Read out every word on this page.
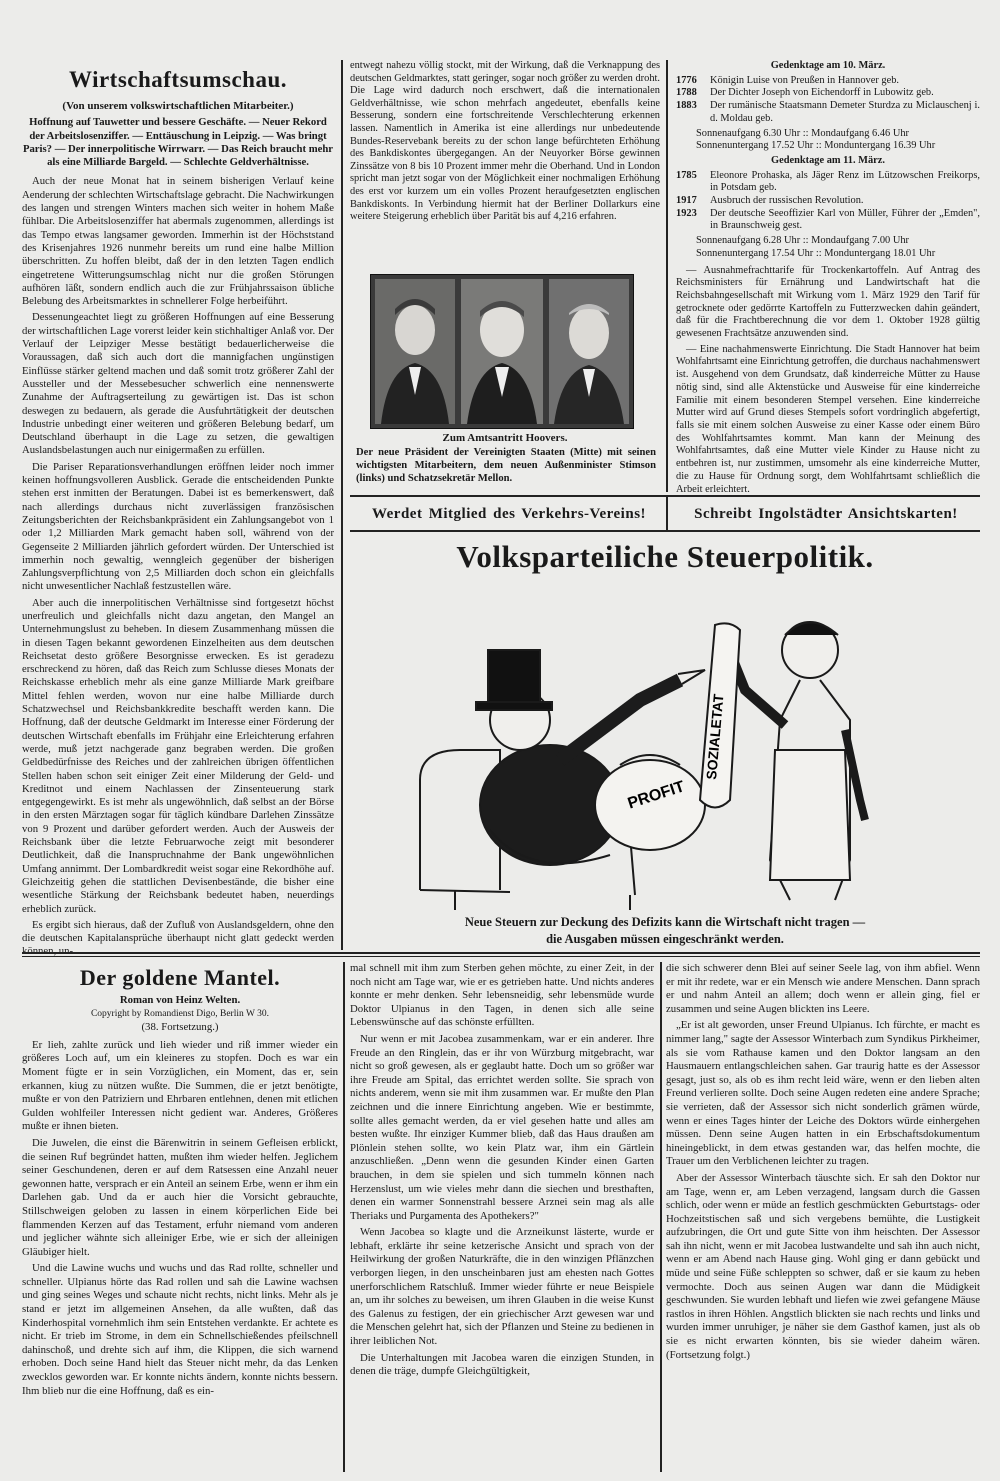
Wirtschaftsumschau.
(Von unserem volkswirtschaftlichen Mitarbeiter.)
Hoffnung auf Tauwetter und bessere Geschäfte. — Neuer Rekord der Arbeitslosenziffer. — Enttäuschung in Leipzig. — Was bringt Paris? — Der innerpolitische Wirrwarr. — Das Reich braucht mehr als eine Milliarde Bargeld. — Schlechte Geldverhältnisse.

Auch der neue Monat hat in seinem bisherigen Verlauf keine Aenderung der schlechten Wirtschaftslage gebracht. Die Nachwirkungen des langen und strengen Winters machen sich weiter in hohem Maße fühlbar. Die Arbeitslosenziffer hat abermals zugenommen, allerdings ist das Tempo etwas langsamer geworden. Immerhin ist der Höchststand des Krisenjahres 1926 nunmehr bereits um rund eine halbe Million überschritten. Zu hoffen bleibt, daß der in den letzten Tagen endlich eingetretene Witterungsumschlag nicht nur die großen Störungen aufhören läßt, sondern endlich auch die zur Frühjahrssaison übliche Belebung des Arbeitsmarktes in schnellerer Folge herbeiführt.

Dessenungeachtet liegt zu größeren Hoffnungen auf eine Besserung der wirtschaftlichen Lage vorerst leider kein stichhaltiger Anlaß vor. Der Verlauf der Leipziger Messe bestätigt bedauerlicherweise die Voraussagen, daß sich auch dort die mannigfachen ungünstigen Einflüsse stärker geltend machen und daß somit trotz größerer Zahl der Aussteller und der Messebesucher schwerlich eine nennenswerte Zunahme der Auftragserteilung zu gewärtigen ist. Das ist schon deswegen zu bedauern, als gerade die Ausfuhrtätigkeit der deutschen Industrie unbedingt einer weiteren und größeren Belebung bedarf, um Deutschland überhaupt in die Lage zu setzen, die gewaltigen Auslandsbelastungen auch nur einigermaßen zu erfüllen.

Die Pariser Reparationsverhandlungen eröffnen leider noch immer keinen hoffnungsvolleren Ausblick. Gerade die entscheidenden Punkte stehen erst inmitten der Beratungen. Dabei ist es bemerkenswert, daß nach allerdings durchaus nicht zuverlässigen französischen Zeitungsberichten der Reichsbankpräsident ein Zahlungsangebot von 1 oder 1,2 Milliarden Mark gemacht haben soll, während von der Gegenseite 2 Milliarden jährlich gefordert würden. Der Unterschied ist immerhin noch gewaltig, wennglеich gegenüber der bisherigen Zahlungsverpflichtung von 2,5 Milliarden doch schon ein gleichfalls nicht unwesentlicher Nachlaß festzustellen wäre.

Aber auch die innerpolitischen Verhältnisse sind fortgesetzt höchst unerfreulich und gleichfalls nicht dazu angetan, den Mangel an Unternehmungslust zu beheben. In diesem Zusammenhang müssen die in diesen Tagen bekannt gewordenen Einzelheiten aus dem deutschen Reichsetat desto größere Besorgnisse erwecken. Es ist geradezu erschreckend zu hören, daß das Reich zum Schlusse dieses Monats der Reichskasse erheblich mehr als eine ganze Milliarde Mark greifbare Mittel fehlen werden, wovon nur eine halbe Milliarde durch Schatzwechsel und Reichsbankkredite beschafft werden kann. Die Hoffnung, daß der deutsche Geldmarkt im Interesse einer Förderung der deutschen Wirtschaft ebenfalls im Frühjahr eine Erleichterung erfahren werde, muß jetzt nachgerade ganz begraben werden. Die großen Geldbedürfnisse des Reiches und der zahlreichen übrigen öffentlichen Stellen haben schon seit einiger Zeit einer Milderung der Geld- und Kreditnot und einem Nachlassen der Zinsenteuerung stark entgegengewirkt. Es ist mehr als ungewöhnlich, daß selbst an der Börse in den ersten Märztagen sogar für täglich kündbare Darlehen Zinssätze von 9 Prozent und darüber gefordert werden. Auch der Ausweis der Reichsbank über die letzte Februarwoche zeigt mit besonderer Deutlichkeit, daß die Inanspruchnahme der Bank ungewöhnlichen Umfang annimmt. Der Lombardkredit weist sogar eine Rekordhöhe auf. Gleichzeitig gehen die stattlichen Devisenbestände, die bisher eine wesentliche Stärkung der Reichsbank bedeutet haben, neuerdings erheblich zurück.

Es ergibt sich hieraus, daß der Zufluß von Auslandsgeldern, ohne den die deutschen Kapitalansprüche überhaupt nicht glatt gedeckt werden

entwegt nahezu völlig stockt, mit der Wirkung, daß die Verknappung des deutschen Geldmarktes, statt geringer, sogar noch größer zu werden droht. Die Lage wird dadurch noch erschwert, daß die internationalen Geldverhältnisse, wie schon mehrfach angedeutet, ebenfalls keine Besserung, sondern eine fortschreitende Verschlechterung erkennen lassen. Namentlich in Amerika ist eine allerdings nur unbedeutende Bundes-Reservebank bereits zu der schon lange befürchteten Erhöhung des Bankdiskontes übergegangen. An der Neuyorker Börse gewinnen Zinssätze von 8 bis 10 Prozent immer mehr die Oberhand. Und in London spricht man jetzt sogar von der Möglichkeit einer nochmaligen Erhöhung des erst vor kurzem um ein volles Prozent heraufgesetzten englischen Bankdiskonts. In Verbindung hiermit hat der Berliner Dollarkurs eine weitere Steigerung erheblich über Parität bis auf 4,216 erfahren.

Zum Amtsantritt Hoovers.
Der neue Präsident der Vereinigten Staaten (Mitte) mit seinen wichtigsten Mitarbeitern, dem neuen Außenminister Stimson (links) und Schatzsekretär Mellon.
Gedenktage am 10. März.
1776	Königin Luise von Preußen in Hannover geb.
1788	Der Dichter Joseph von Eichendorff in Lubowitz geb.
1883	Der rumänische Staatsmann Demeter Sturdza zu Miclauschenj i. d. Moldau geb.
Sonnenaufgang 6.30 Uhr :: Mondaufgang 6.46 Uhr
Sonnenuntergang 17.52 Uhr :: Monduntergang 16.39 Uhr
Gedenktage am 11. März.
1785	Eleonore Prohaska, als Jäger Renz im Lützowschen Freikorps, in Potsdam geb.
1917	Ausbruch der russischen Revolution.
1923	Der deutsche Seeoffizier Karl von Müller, Führer der „Emden", in Braunschweig gest.
Sonnenaufgang 6.28 Uhr :: Mondaufgang 7.00 Uhr
Sonnenuntergang 17.54 Uhr :: Monduntergang 18.01 Uhr

— Ausnahmefrachttarife für Trockenkartoffeln. Auf Antrag des Reichsministers für Ernährung und Landwirtschaft hat die Reichsbahngesellschaft mit Wirkung vom 1. März 1929 den Tarif für getrocknete oder gedörrte Kartoffeln zu Futterzwecken dahin geändert, daß für die Frachtberechnung die vor dem 1. Oktober 1928 gültig gewesenen Frachtsätze anzuwenden sind.

— Eine nachahmenswerte Einrichtung. Die Stadt Hannover hat beim Wohlfahrtsamt eine Einrichtung getroffen, die durchaus nachahmenswert ist. Ausgehend von dem Grundsatz, daß kinderreiche Mütter zu Hause nötig sind, sind alle Aktenstücke und Ausweise für eine kinderreiche Familie mit einem besonderen Stempel versehen. Eine kinderreiche Mutter wird auf Grund dieses Stempels sofort vordringlich abgefertigt, falls sie mit einem solchen Ausweise zu einer Kasse oder einem Büro des Wohlfahrtsamtes kommt. Man kann der Meinung des Wohlfahrtsamtes, daß eine Mutter viele Kinder zu Hause nicht zu entbehren ist, nur zustimmen, umsomehr als eine kinderreiche Mutter, die zu Hause für Ordnung sorgt, dem Wohlfahrtsamt schließlich die Arbeit erleichtert.

Werdet Mitglied des Verkehrs-Vereins!	Schreibt Ingolstädter Ansichtskarten!
Volksparteiliche Steuerpolitik.
PROFIT
SOZIALETAT
Neue Steuern zur Deckung des Defizits kann die Wirtschaft nicht tragen —
die Ausgaben müssen eingeschränkt werden.
Der goldene Mantel.
Roman von Heinz Welten.
Copyright by Romandienst Digo, Berlin W 30.
(38. Fortsetzung.)

Er lieh, zahlte zurück und lieh wieder und riß immer wieder ein größeres Loch auf, um ein kleineres zu stopfen. Doch es war ein Moment fügte er in sein Vorzüglichen, ein Moment, das er, sein erkannen, kiug zu nützen wußte. Die Summen, die er jetzt benötigte, mußte er von den Patriziern und Ehrbaren entlehnen, denen mit etlichen Gulden wohlfeiler Interessen nicht gedient war. Anderes, Größeres mußte er ihnen bieten.

Die Juwelen, die einst die Bärenwitrin in seinem Gefleisen erblickt, die seinen Ruf begründet hatten, mußten ihm wieder helfen. Jeglichem seiner Geschundenen, deren er auf dem Ratsessen eine Anzahl neuer gewonnen hatte, versprach er ein Anteil an seinem Erbe, wenn er ihm ein Darlehen gab. Und da er auch hier die Vorsicht gebrauchte, Stillschweigen geloben zu lassen in einem körperlichen Eide bei flammenden Kerzen auf das Testament, erfuhr niemand vom anderen und jeglicher wähnte sich alleiniger Erbe, wie er sich der alleinigen Gläubiger hielt.

Und die Lawine wuchs und wuchs und das Rad rollte, schneller und schneller. Ulpianus hörte das Rad rollen und sah die Lawine wachsen und ging seines Weges und schaute nicht rechts, nicht links. Mehr als je stand er jetzt im allgemeinen Ansehen, da alle wußten, daß das Kinderhospital vornehmlich ihm sein Entstehen verdankte. Er achtete es nicht. Er trieb im Strome, in dem ein Schnellschießendes pfeilschnell dahinschoß, und drehte sich auf ihm, die Klippen, die sich warnend erhoben. Doch seine Hand hielt das Steuer nicht mehr, da das Lenken zwecklos geworden war. Er konnte nichts ändern, konnte nichts bessern. Ihm blieb nur die eine Hoffnung, daß es ein-

mal schnell mit ihm zum Sterben gehen möchte, zu einer Zeit, in der noch nicht am Tage war, wie er es getrieben hatte. Und nichts anderes konnte er mehr denken. Sehr lebensneidig, sehr lebensmüde wurde Doktor Ulpianus in den Tagen, in denen sich alle seine Lebenswünsche auf das schönste erfüllten.

Nur wenn er mit Jacobea zusammenkam, war er ein anderer. Ihre Freude an den Ringlein, das er ihr von Würzburg mitgebracht, war nicht so groß gewesen, als er geglaubt hatte. Doch um so größer war ihre Freude am Spital, das errichtet werden sollte. Sie sprach von nichts anderem, wenn sie mit ihm zusammen war. Er mußte den Plan zeichnen und die innere Einrichtung angeben. Wie er bestimmte, sollte alles gemacht werden, da er viel gesehen hatte und alles am besten wußte. Ihr einziger Kummer blieb, daß das Haus draußen am Plönlein stehen sollte, wo kein Platz war, ihm ein Gärtlein anzuschließen. „Denn wenn die gesunden Kinder einen Garten brauchen, in dem sie spielen und sich tummeln können nach Herzenslust, um wie vieles mehr dann die siechen und bresthaften, denen ein warmer Sonnenstrahl bessere Arznei sein mag als alle Theriaks und Purgamenta des Apothekers?"

Wenn Jacobea so klagte und die Arzneikunst lästerte, wurde er lebhaft, erklärte ihr seine ketzerische Ansicht und sprach von der Heilwirkung der großen Naturkräfte, die in den winzigen Pflänzchen verborgen liegen, in den unscheinbaren just am ehesten nach Gottes unerforschlichem Ratschluß. Immer wieder führte er neue Beispiele an, um ihr solches zu beweisen, um ihren Glauben in die weise Kunst des Galenus zu festigen, der ein griechischer Arzt gewesen war und die Menschen gelehrt hat, sich der Pflanzen und Steine zu bedienen in ihrer leiblichen Not.

Die Unterhaltungen mit Jacobea waren die einzigen Stunden, in denen die träge, dumpfe Gleichgültigkeit,

die sich schwerer denn Blei auf seiner Seele lag, von ihm abfiel. Wenn er mit ihr redete, war er ein Mensch wie andere Menschen. Dann sprach er und nahm Anteil an allem; doch wenn er allein ging, fiel er zusammen und seine Augen blickten ins Leere.

„Er ist alt geworden, unser Freund Ulpianus. Ich fürchte, er macht es nimmer lang," sagte der Assessor Winterbach zum Syndikus Pirkheimer, als sie vom Rathause kamen und den Doktor langsam an den Hausmauern entlangschleichen sahen. Gar traurig hatte es der Assessor gesagt, just so, als ob es ihm recht leid wäre, wenn er den lieben alten Freund verlieren sollte. Doch seine Augen redeten eine andere Sprache; sie verrieten, daß der Assessor sich nicht sonderlich grämen würde, wenn er eines Tages hinter der Leiche des Doktors würde einhergehen müssen. Denn seine Augen hatten in ein Erbschaftsdokumentum hineingeblickt, in dem etwas gestanden war, das helfen mochte, die Trauer um den Verblichenen leichter zu tragen.

Aber der Assessor Winterbach täuschte sich. Er sah den Doktor nur am Tage, wenn er, am Leben verzagend, langsam durch die Gassen schlich, oder wenn er müde an festlich geschmückten Geburtstags- oder Hochzeitstischen saß und sich vergebens bemühte, die Lustigkeit aufzubringen, die Ort und gute Sitte von ihm heischten. Der Assessor sah ihn nicht, wenn er mit Jacobea lustwandelte und sah ihn auch nicht, wenn er am Abend nach Hause ging. Wohl ging er dann gebückt und müde und seine Füße schleppten so schwer, daß er sie kaum zu heben vermochte. Doch aus seinen Augen war dann die Müdigkeit geschwunden. Sie wurden lebhaft und liefen wie zwei gefangene Mäuse rastlos in ihren Höhlen. Angstlich blickten sie nach rechts und links und wurden immer unruhiger, je näher sie dem Gasthof kamen, just als ob sie es nicht erwarten könnten, bis sie wieder daheim wären. (Fortsetzung folgt.)
